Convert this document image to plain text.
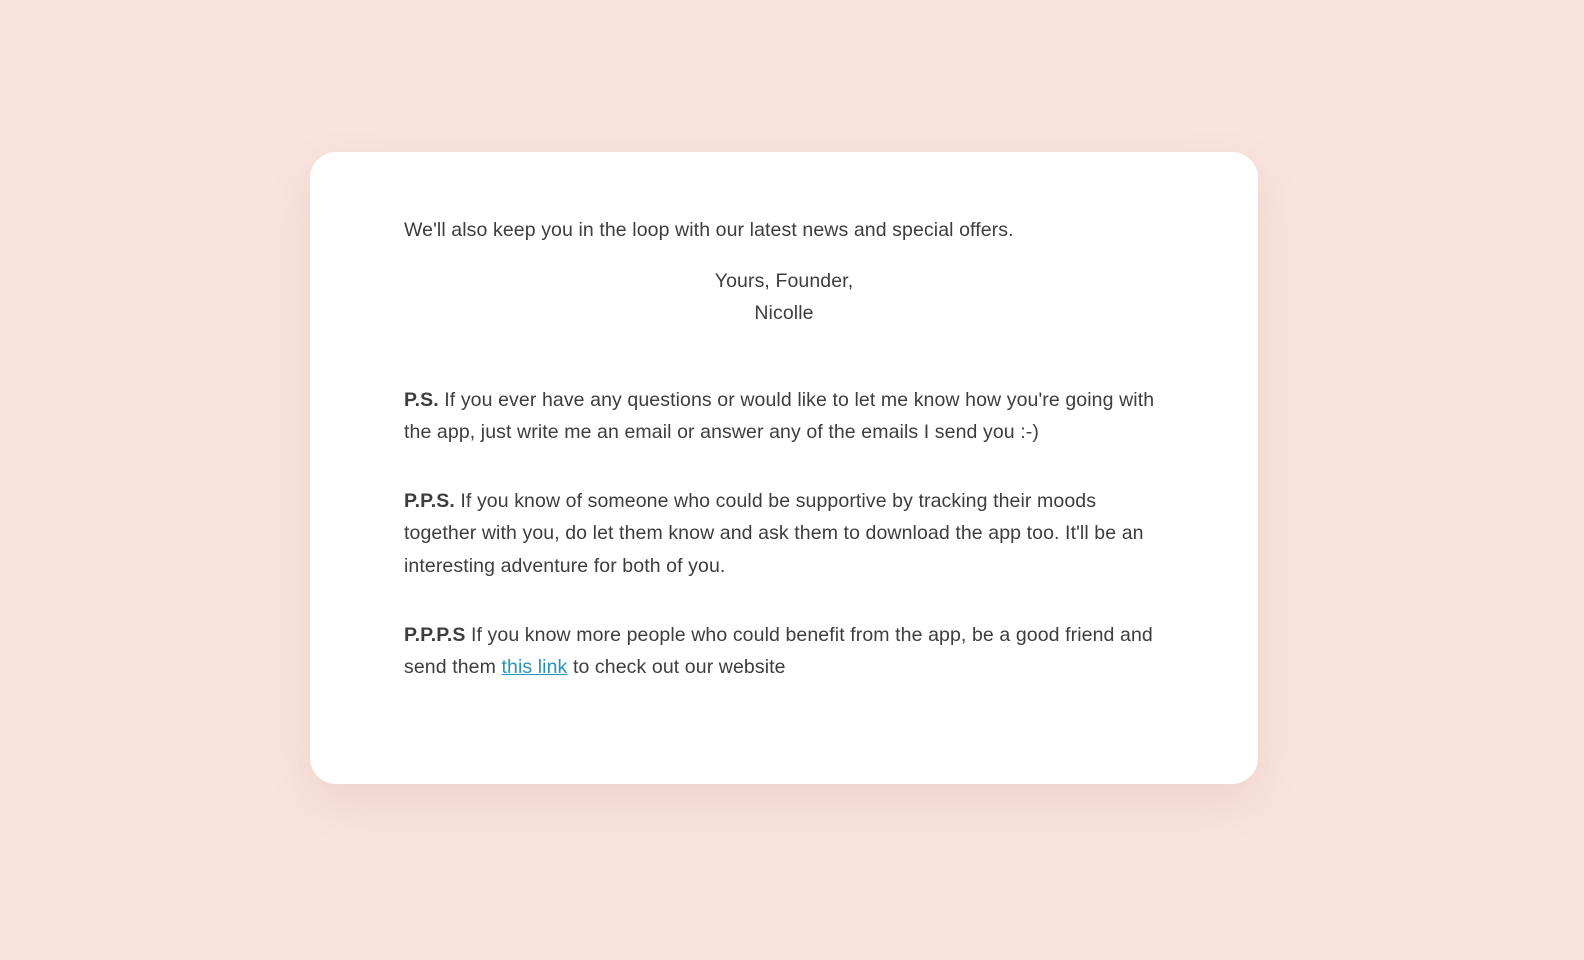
We'll also keep you in the loop with our latest news and special offers.

Yours, Founder,
Nicolle

P.S. If you ever have any questions or would like to let me know how you're going with the app, just write me an email or answer any of the emails I send you :-)

P.P.S. If you know of someone who could be supportive by tracking their moods together with you, do let them know and ask them to download the app too. It'll be an interesting adventure for both of you.

P.P.P.S If you know more people who could benefit from the app, be a good friend and send them this link to check out our website
